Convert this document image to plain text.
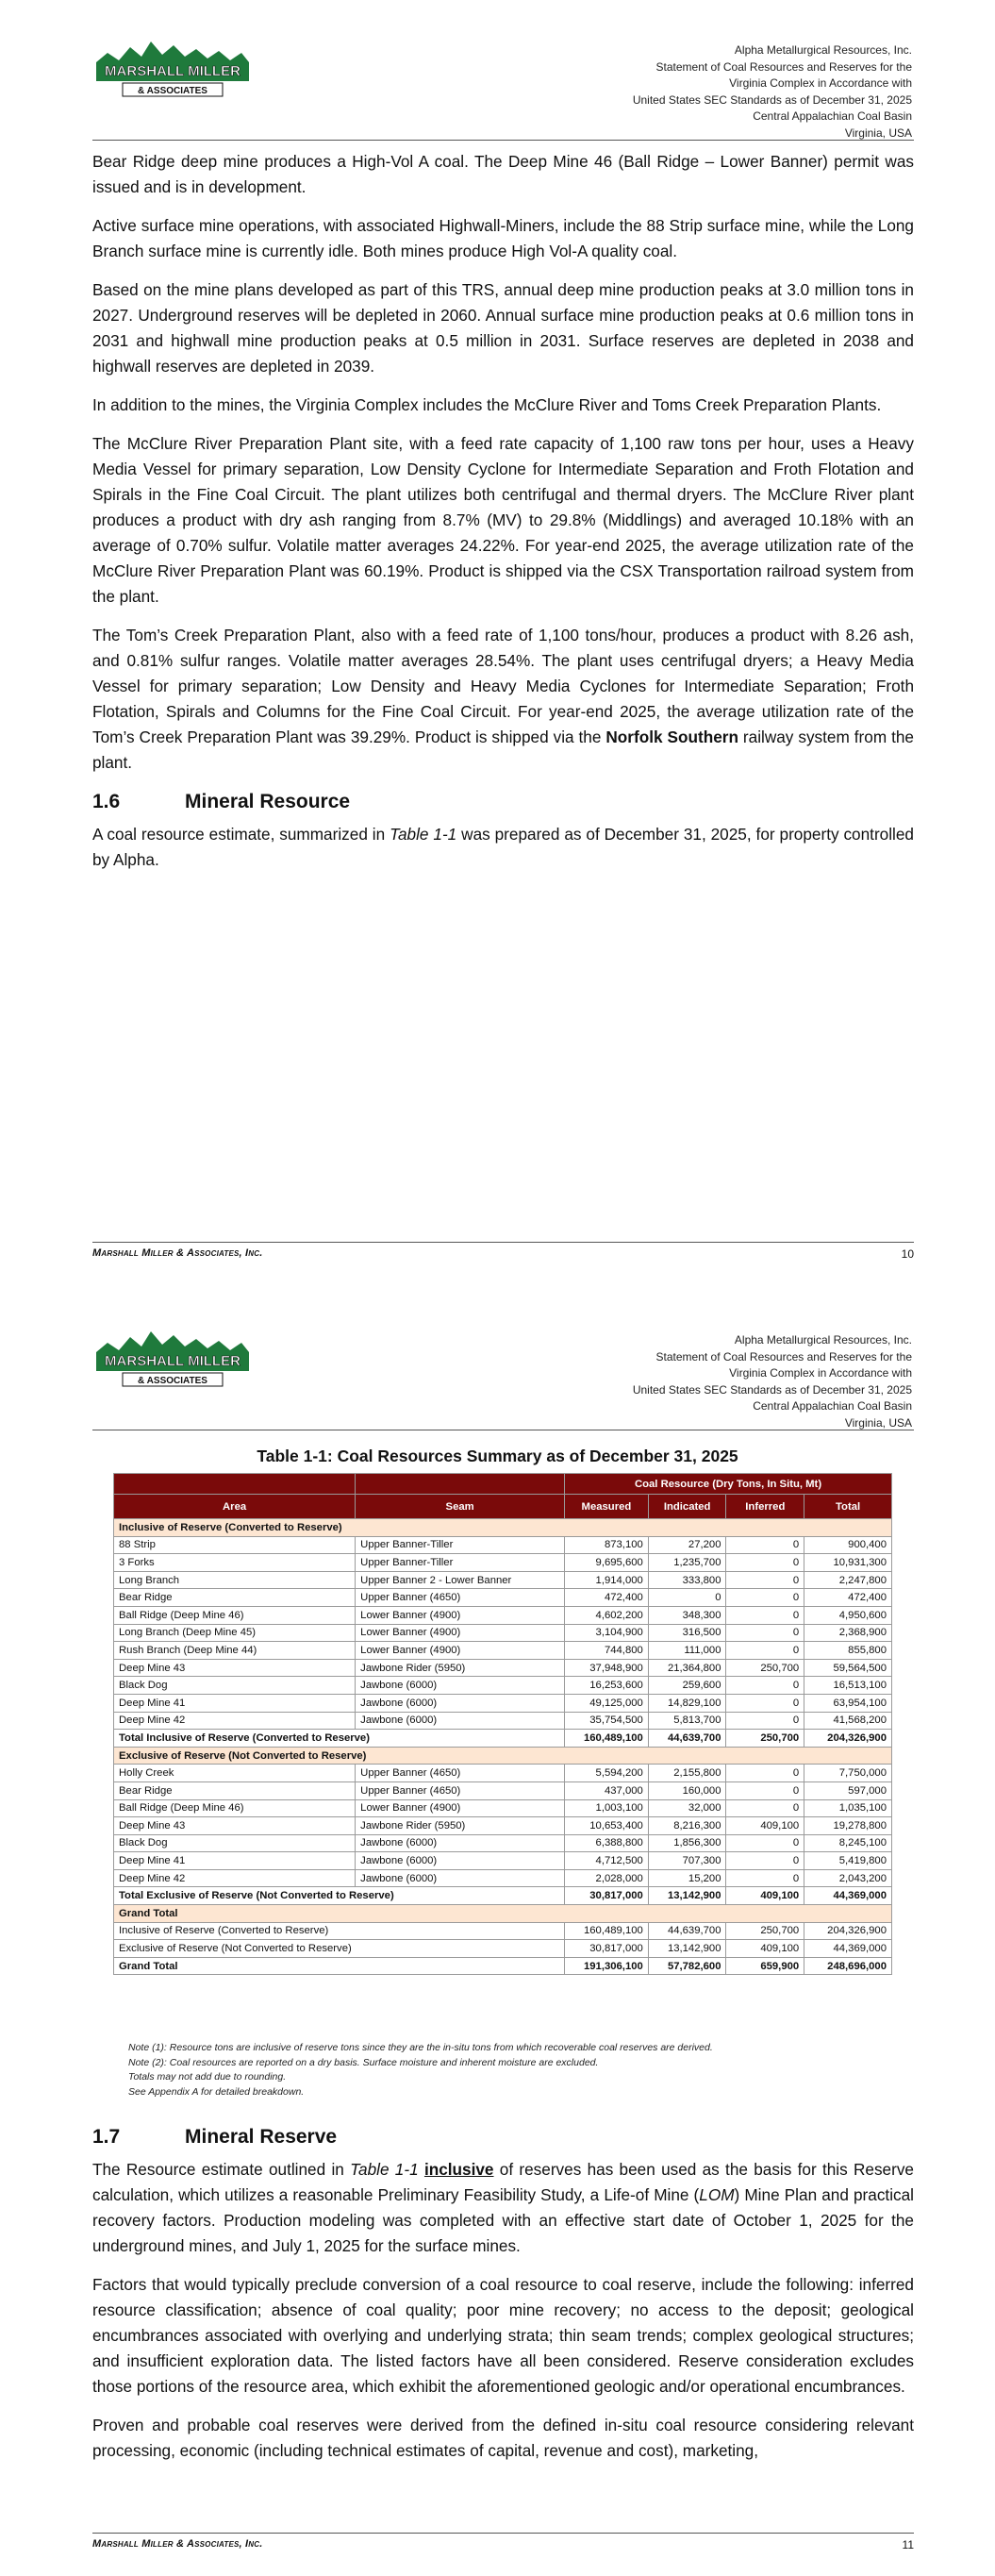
MARSHALL MILLER
& ASSOCIATES
Alpha Metallurgical Resources, Inc.
Statement of Coal Resources and Reserves for the
Virginia Complex in Accordance with
United States SEC Standards as of December 31, 2025
Central Appalachian Coal Basin
Virginia, USA

Bear Ridge deep mine produces a High-Vol A coal. The Deep Mine 46 (Ball Ridge – Lower Banner) permit was issued and is in development.

Active surface mine operations, with associated Highwall-Miners, include the 88 Strip surface mine, while the Long Branch surface mine is currently idle. Both mines produce High Vol-A quality coal.

Based on the mine plans developed as part of this TRS, annual deep mine production peaks at 3.0 million tons in 2027. Underground reserves will be depleted in 2060. Annual surface mine production peaks at 0.6 million tons in 2031 and highwall mine production peaks at 0.5 million in 2031. Surface reserves are depleted in 2038 and highwall reserves are depleted in 2039.

In addition to the mines, the Virginia Complex includes the McClure River and Toms Creek Preparation Plants.

The McClure River Preparation Plant site, with a feed rate capacity of 1,100 raw tons per hour, uses a Heavy Media Vessel for primary separation, Low Density Cyclone for Intermediate Separation and Froth Flotation and Spirals in the Fine Coal Circuit. The plant utilizes both centrifugal and thermal dryers. The McClure River plant produces a product with dry ash ranging from 8.7% (MV) to 29.8% (Middlings) and averaged 10.18% with an average of 0.70% sulfur. Volatile matter averages 24.22%. For year-end 2025, the average utilization rate of the McClure River Preparation Plant was 60.19%. Product is shipped via the CSX Transportation railroad system from the plant.

The Tom’s Creek Preparation Plant, also with a feed rate of 1,100 tons/hour, produces a product with 8.26 ash, and 0.81% sulfur ranges. Volatile matter averages 28.54%. The plant uses centrifugal dryers; a Heavy Media Vessel for primary separation; Low Density and Heavy Media Cyclones for Intermediate Separation; Froth Flotation, Spirals and Columns for the Fine Coal Circuit. For year-end 2025, the average utilization rate of the Tom’s Creek Preparation Plant was 39.29%. Product is shipped via the Norfolk Southern railway system from the plant.

1.6	Mineral Resource

A coal resource estimate, summarized in Table 1-1 was prepared as of December 31, 2025, for property controlled by Alpha.

Marshall Miller & Associates, Inc.	10
MARSHALL MILLER
& ASSOCIATES
Alpha Metallurgical Resources, Inc.
Statement of Coal Resources and Reserves for the
Virginia Complex in Accordance with
United States SEC Standards as of December 31, 2025
Central Appalachian Coal Basin
Virginia, USA
Table 1-1: Coal Resources Summary as of December 31, 2025
		Coal Resource (Dry Tons, In Situ, Mt)			
Area	Seam	Measured	Indicated	Inferred	Total
Inclusive of Reserve (Converted to Reserve)					
88 Strip	Upper Banner-Tiller	873,100	27,200	0	900,400
3 Forks	Upper Banner-Tiller	9,695,600	1,235,700	0	10,931,300
Long Branch	Upper Banner 2 - Lower Banner	1,914,000	333,800	0	2,247,800
Bear Ridge	Upper Banner (4650)	472,400	0	0	472,400
Ball Ridge (Deep Mine 46)	Lower Banner (4900)	4,602,200	348,300	0	4,950,600
Long Branch (Deep Mine 45)	Lower Banner (4900)	3,104,900	316,500	0	2,368,900
Rush Branch (Deep Mine 44)	Lower Banner (4900)	744,800	111,000	0	855,800
Deep Mine 43	Jawbone Rider (5950)	37,948,900	21,364,800	250,700	59,564,500
Black Dog	Jawbone (6000)	16,253,600	259,600	0	16,513,100
Deep Mine 41	Jawbone (6000)	49,125,000	14,829,100	0	63,954,100
Deep Mine 42	Jawbone (6000)	35,754,500	5,813,700	0	41,568,200
Total Inclusive of Reserve (Converted to Reserve)		160,489,100	44,639,700	250,700	204,326,900
Exclusive of Reserve (Not Converted to Reserve)					
Holly Creek	Upper Banner (4650)	5,594,200	2,155,800	0	7,750,000
Bear Ridge	Upper Banner (4650)	437,000	160,000	0	597,000
Ball Ridge (Deep Mine 46)	Lower Banner (4900)	1,003,100	32,000	0	1,035,100
Deep Mine 43	Jawbone Rider (5950)	10,653,400	8,216,300	409,100	19,278,800
Black Dog	Jawbone (6000)	6,388,800	1,856,300	0	8,245,100
Deep Mine 41	Jawbone (6000)	4,712,500	707,300	0	5,419,800
Deep Mine 42	Jawbone (6000)	2,028,000	15,200	0	2,043,200
Total Exclusive of Reserve (Not Converted to Reserve)		30,817,000	13,142,900	409,100	44,369,000
Grand Total					
Inclusive of Reserve (Converted to Reserve)		160,489,100	44,639,700	250,700	204,326,900
Exclusive of Reserve (Not Converted to Reserve)		30,817,000	13,142,900	409,100	44,369,000
Grand Total		191,306,100	57,782,600	659,900	248,696,000
Note (1): Resource tons are inclusive of reserve tons since they are the in-situ tons from which recoverable coal reserves are derived.
Note (2): Coal resources are reported on a dry basis. Surface moisture and inherent moisture are excluded.
Totals may not add due to rounding.
See Appendix A for detailed breakdown.
1.7	Mineral Reserve

The Resource estimate outlined in Table 1-1 inclusive of reserves has been used as the basis for this Reserve calculation, which utilizes a reasonable Preliminary Feasibility Study, a Life-of Mine (LOM) Mine Plan and practical recovery factors. Production modeling was completed with an effective start date of October 1, 2025 for the underground mines, and July 1, 2025 for the surface mines.

Factors that would typically preclude conversion of a coal resource to coal reserve, include the following: inferred resource classification; absence of coal quality; poor mine recovery; no access to the deposit; geological encumbrances associated with overlying and underlying strata; thin seam trends; complex geological structures; and insufficient exploration data. The listed factors have all been considered. Reserve consideration excludes those portions of the resource area, which exhibit the aforementioned geologic and/or operational encumbrances.

Proven and probable coal reserves were derived from the defined in-situ coal resource considering relevant processing, economic (including technical estimates of capital, revenue and cost), marketing,

Marshall Miller & Associates, Inc.	11
